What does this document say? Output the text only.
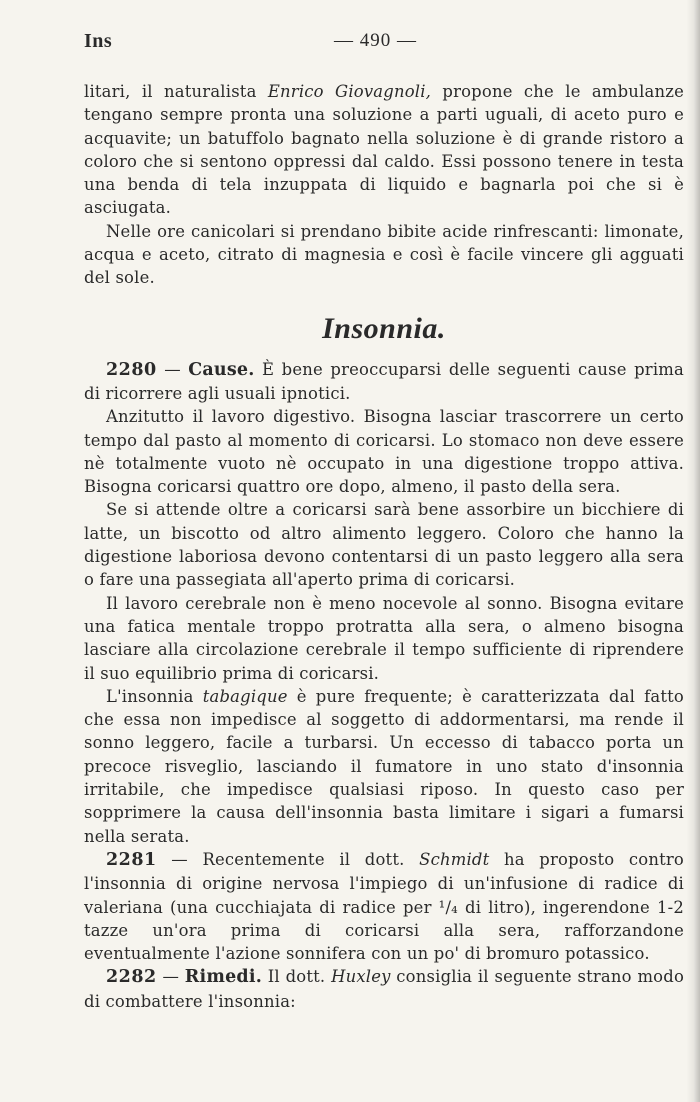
Ins	— 490 —

litari, il naturalista Enrico Giovagnoli, propone che le ambulanze tengano sempre pronta una soluzione a parti uguali, di aceto puro e acquavite; un batuffolo bagnato nella soluzione è di grande ristoro a coloro che si sentono oppressi dal caldo. Essi possono tenere in testa una benda di tela inzuppata di liquido e bagnarla poi che si è asciugata.

Nelle ore canicolari si prendano bibite acide rinfrescanti: limonate, acqua e aceto, citrato di magnesia e così è facile vincere gli agguati del sole.

Insonnia.

2280 — Cause. È bene preoccuparsi delle seguenti cause prima di ricorrere agli usuali ipnotici.

Anzitutto il lavoro digestivo. Bisogna lasciar trascorrere un certo tempo dal pasto al momento di coricarsi. Lo stomaco non deve essere nè totalmente vuoto nè occupato in una digestione troppo attiva. Bisogna coricarsi quattro ore dopo, almeno, il pasto della sera.

Se si attende oltre a coricarsi sarà bene assorbire un bicchiere di latte, un biscotto od altro alimento leggero. Coloro che hanno la digestione laboriosa devono contentarsi di un pasto leggero alla sera o fare una passegiata all'aperto prima di coricarsi.

Il lavoro cerebrale non è meno nocevole al sonno. Bisogna evitare una fatica mentale troppo protratta alla sera, o almeno bisogna lasciare alla circolazione cerebrale il tempo sufficiente di riprendere il suo equilibrio prima di coricarsi.

L'insonnia tabagique è pure frequente; è caratterizzata dal fatto che essa non impedisce al soggetto di addormentarsi, ma rende il sonno leggero, facile a turbarsi. Un eccesso di tabacco porta un precoce risveglio, lasciando il fumatore in uno stato d'insonnia irritabile, che impedisce qualsiasi riposo. In questo caso per sopprimere la causa dell'insonnia basta limitare i sigari a fumarsi nella serata.

2281 — Recentemente il dott. Schmidt ha proposto contro l'insonnia di origine nervosa l'impiego di un'infusione di radice di valeriana (una cucchiajata di radice per ¹/₄ di litro), ingerendone 1-2 tazze un'ora prima di coricarsi alla sera, rafforzandone eventualmente l'azione sonnifera con un po' di bromuro potassico.

2282 — Rimedi. Il dott. Huxley consiglia il seguente strano modo di combattere l'insonnia:
